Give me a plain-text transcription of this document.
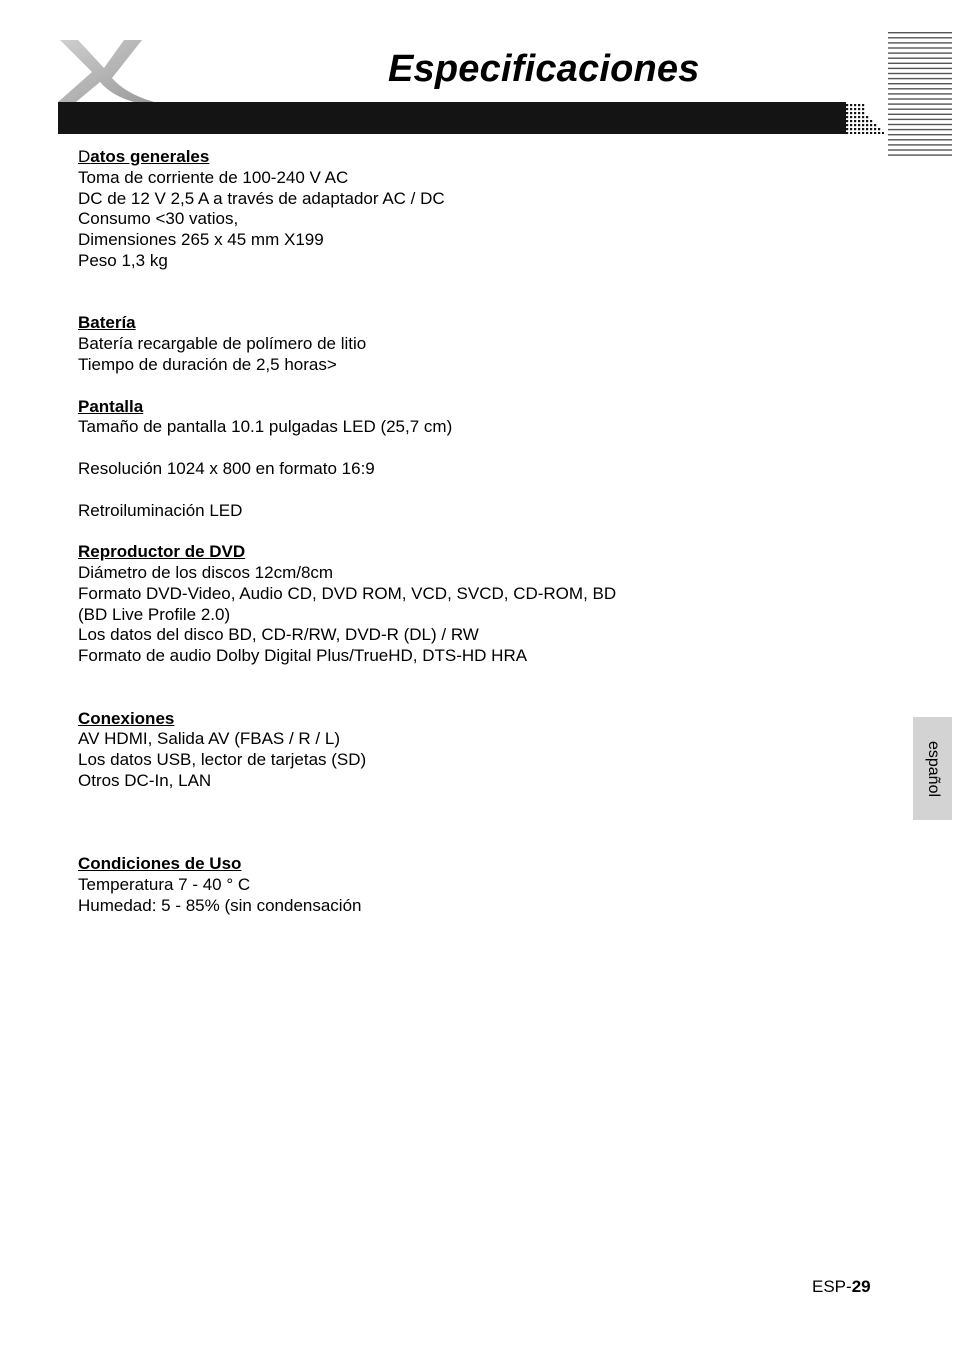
Especificaciones
español
Datos generales
Toma de corriente de 100-240 V AC
DC de 12 V 2,5 A a través de adaptador AC / DC
Consumo <30 vatios,
Dimensiones 265 x 45 mm X199
Peso 1,3 kg
Batería
Batería recargable de polímero de litio
Tiempo de duración de 2,5 horas>
Pantalla
Tamaño de pantalla 10.1 pulgadas LED (25,7 cm)
Resolución 1024 x 800 en formato 16:9
Retroiluminación LED
Reproductor de DVD
Diámetro de los discos 12cm/8cm
Formato DVD-Video, Audio CD, DVD ROM, VCD, SVCD, CD-ROM, BD
(BD Live Profile 2.0)
Los datos del disco BD, CD-R/RW, DVD-R (DL) / RW
Formato de audio Dolby Digital Plus/TrueHD, DTS-HD HRA
Conexiones
AV HDMI, Salida AV (FBAS / R / L)
Los datos USB, lector de tarjetas (SD)
Otros DC-In, LAN
Condiciones de Uso
Temperatura 7 - 40 ° C
Humedad: 5 - 85% (sin condensación
ESP-29
